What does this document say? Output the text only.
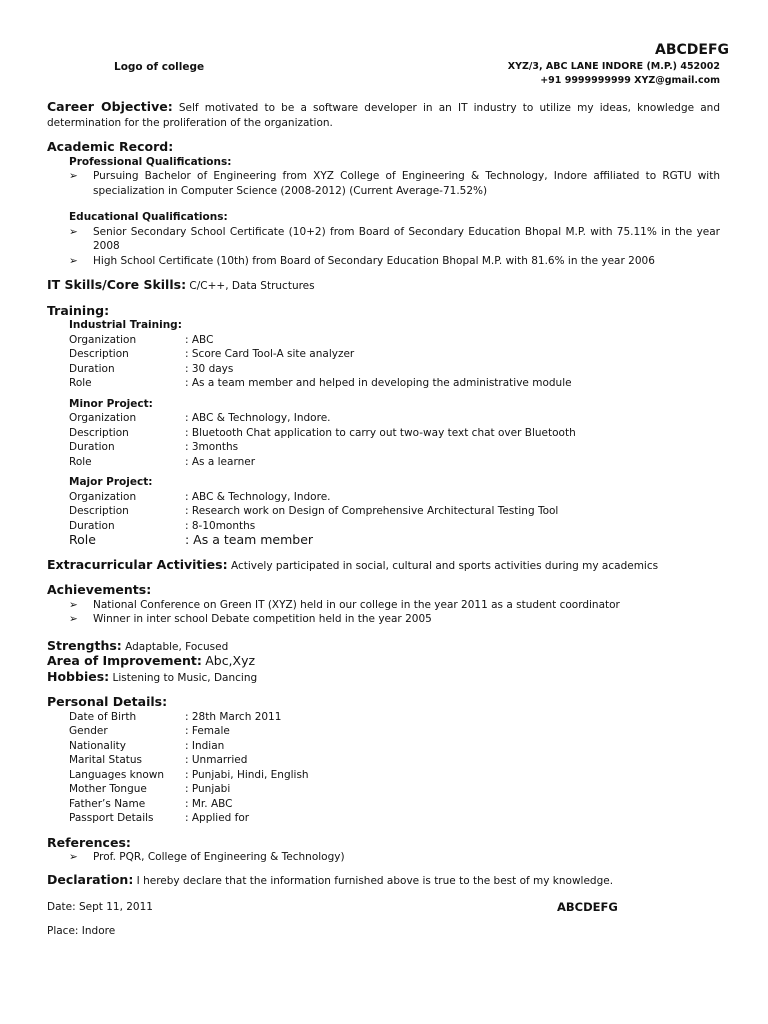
ABCDEFG
Logo of college	XYZ/3, ABC LANE INDORE (M.P.) 452002
+91 9999999999 XYZ@gmail.com
Career Objective: Self motivated to be a software developer in an IT industry to utilize my ideas, knowledge and determination for the proliferation of the organization.
Academic Record:
Professional Qualifications:
➢ Pursuing Bachelor of Engineering from XYZ College of Engineering & Technology, Indore affiliated to RGTU with specialization in Computer Science (2008-2012) (Current Average-71.52%)
Educational Qualifications:
➢ Senior Secondary School Certificate (10+2) from Board of Secondary Education Bhopal M.P. with 75.11% in the year 2008
➢ High School Certificate (10th) from Board of Secondary Education Bhopal M.P. with 81.6% in the year 2006
IT Skills/Core Skills: C/C++, Data Structures
Training:
Industrial Training:
Organization	: ABC
Description	: Score Card Tool-A site analyzer
Duration	: 30 days
Role	: As a team member and helped in developing the administrative module
Minor Project:
Organization	: ABC & Technology, Indore.
Description	: Bluetooth Chat application to carry out two-way text chat over Bluetooth
Duration	: 3months
Role	: As a learner
Major Project:
Organization	: ABC & Technology, Indore.
Description	: Research work on Design of Comprehensive Architectural Testing Tool
Duration	: 8-10months
Role	: As a team member
Extracurricular Activities: Actively participated in social, cultural and sports activities during my academics
Achievements:
➢ National Conference on Green IT (XYZ) held in our college in the year 2011 as a student coordinator
➢ Winner in inter school Debate competition held in the year 2005
Strengths: Adaptable, Focused
Area of Improvement: Abc,Xyz
Hobbies: Listening to Music, Dancing
Personal Details:
Date of Birth	: 28th March 2011
Gender	: Female
Nationality	: Indian
Marital Status	: Unmarried
Languages known	: Punjabi, Hindi, English
Mother Tongue	: Punjabi
Father’s Name	: Mr. ABC
Passport Details	: Applied for
References:
➢ Prof. PQR, College of Engineering & Technology)
Declaration: I hereby declare that the information furnished above is true to the best of my knowledge.
Date: Sept 11, 2011	ABCDEFG
Place: Indore
